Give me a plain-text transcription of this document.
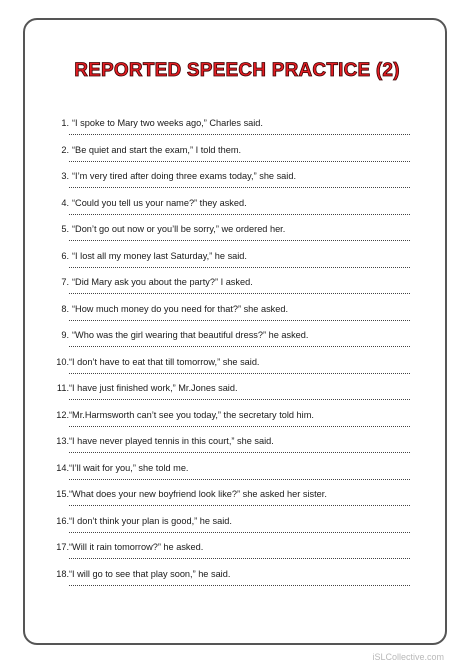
REPORTED SPEECH PRACTICE (2)
1. “I spoke to Mary two weeks ago,” Charles said.
2. “Be quiet and start the exam,” I told them.
3. “I’m very tired after doing three exams today,” she said.
4. “Could you tell us your name?” they asked.
5. “Don’t go out now or you’ll be sorry,” we ordered her.
6. “I lost all my money last Saturday,” he said.
7. “Did Mary ask you about the party?” I asked.
8. “How much money do you need for that?” she asked.
9. “Who was the girl wearing that beautiful dress?” he asked.
10. “I don’t have to eat that till tomorrow,” she said.
11. “I have just finished work,” Mr.Jones said.
12. “Mr.Harmsworth can’t see you today,” the secretary told him.
13. “I have never played tennis in this court,” she said.
14. “I’ll wait for you,” she told me.
15. “What does your new boyfriend look like?” she asked her sister.
16. “I don’t think your plan is good,” he said.
17. “Will it rain tomorrow?” he asked.
18. “I will go to see that play soon,” he said.
iSLCollective.com
